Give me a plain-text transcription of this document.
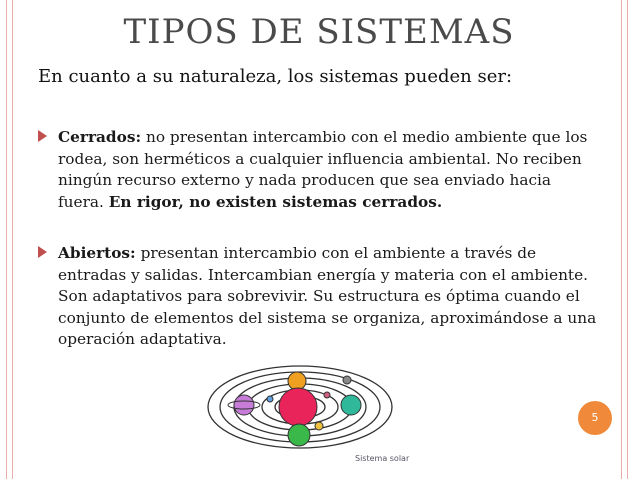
TIPOS DE SISTEMAS
En cuanto a su naturaleza, los sistemas pueden ser:
Cerrados: no presentan intercambio con el medio ambiente que los rodea, son herméticos a cualquier influencia ambiental. No reciben ningún recurso externo y nada producen que sea enviado hacia fuera. En rigor, no existen sistemas cerrados.
Abiertos: presentan intercambio con el ambiente a través de entradas y salidas. Intercambian energía y materia con el ambiente. Son adaptativos para sobrevivir. Su estructura es óptima cuando el conjunto de elementos del sistema se organiza, aproximándose a una operación adaptativa.
Sistema solar
5
